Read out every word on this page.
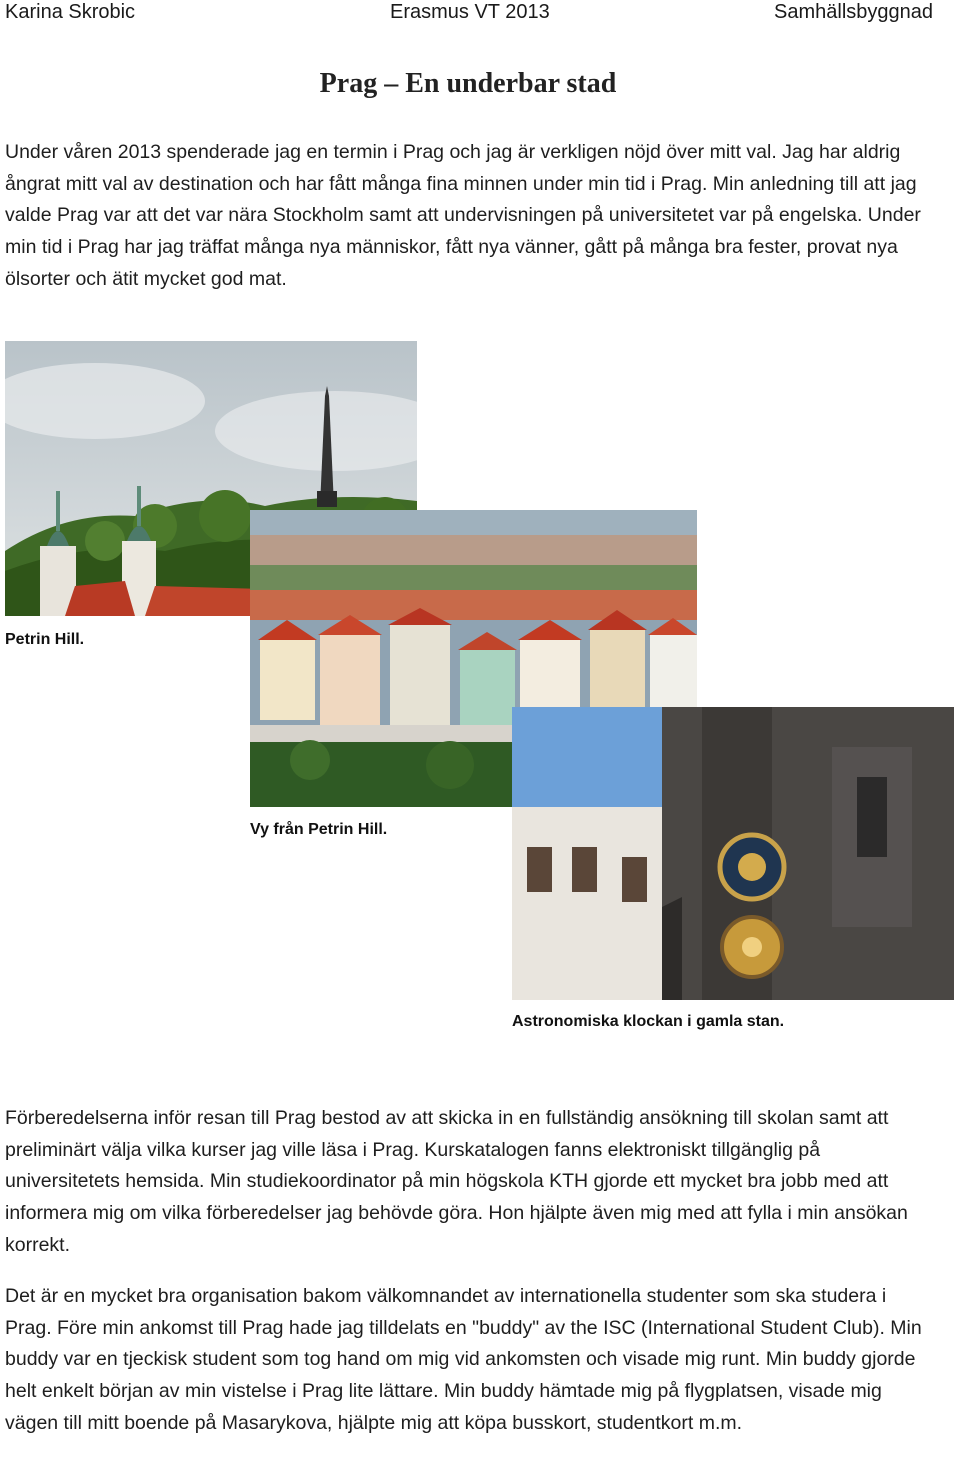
Karina Skrobic	Erasmus VT 2013	Samhällsbyggnad
Prag – En underbar stad

Under våren 2013 spenderade jag en termin i Prag och jag är verkligen nöjd över mitt val. Jag har aldrig ångrat mitt val av destination och har fått många fina minnen under min tid i Prag. Min anledning till att jag valde Prag var att det var nära Stockholm samt att undervisningen på universitetet var på engelska. Under min tid i Prag har jag träffat många nya människor, fått nya vänner, gått på många bra fester, provat nya ölsorter och ätit mycket god mat.

Petrin Hill.
Vy från Petrin Hill.
Astronomiska klockan i gamla stan.

Förberedelserna inför resan till Prag bestod av att skicka in en fullständig ansökning till skolan samt att preliminärt välja vilka kurser jag ville läsa i Prag. Kurskatalogen fanns elektroniskt tillgänglig på universitetets hemsida. Min studiekoordinator på min högskola KTH gjorde ett mycket bra jobb med att informera mig om vilka förberedelser jag behövde göra. Hon hjälpte även mig med att fylla i min ansökan korrekt.

Det är en mycket bra organisation bakom välkomnandet av internationella studenter som ska studera i Prag. Före min ankomst till Prag hade jag tilldelats en "buddy" av the ISC (International Student Club). Min buddy var en tjeckisk student som tog hand om mig vid ankomsten och visade mig runt. Min buddy gjorde helt enkelt början av min vistelse i Prag lite lättare. Min buddy hämtade mig på flygplatsen, visade mig vägen till mitt boende på Masarykova, hjälpte mig att köpa busskort, studentkort m.m.
